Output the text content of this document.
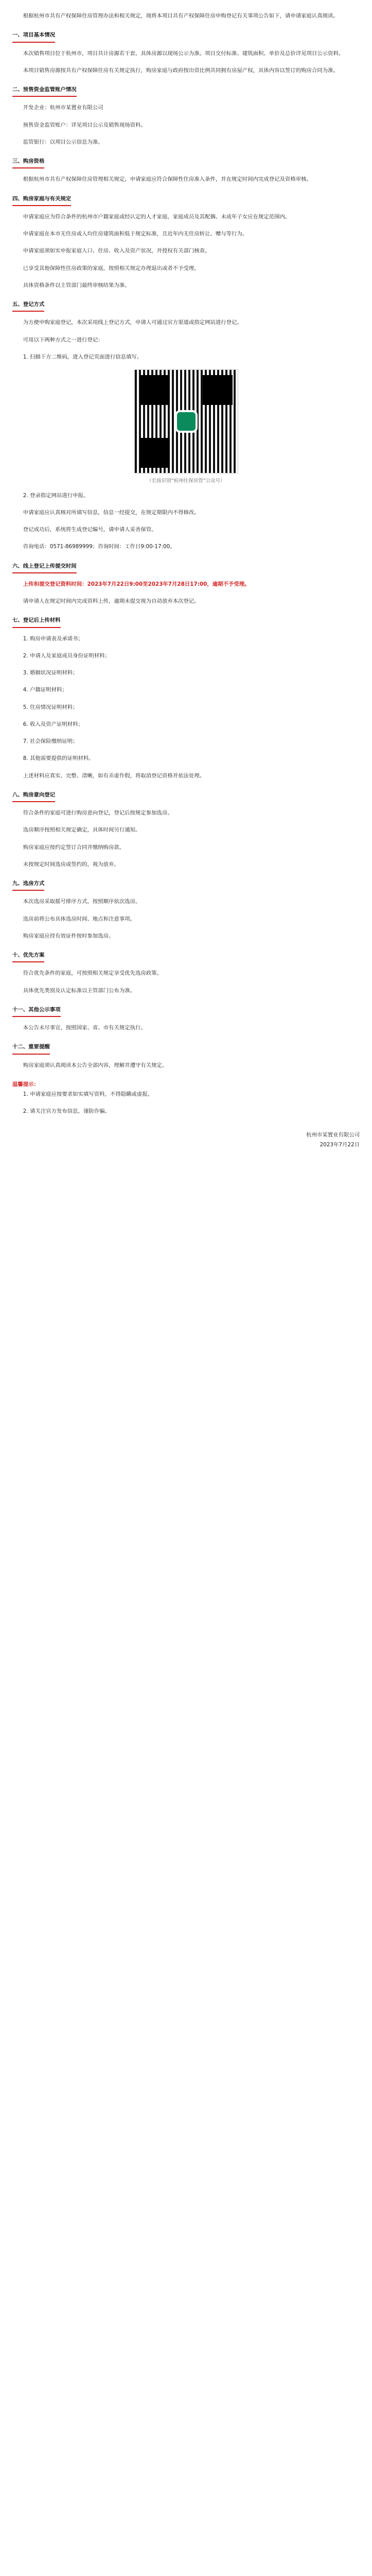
根据杭州市共有产权保障住房管理办法和相关规定，现将本项目共有产权保障住房申购登记有关事项公告如下，请申请家庭认真阅读。

一、项目基本情况

本次销售项目位于杭州市，项目共计房源若干套，具体房源以现场公示为准。项目交付标准、建筑面积、单价及总价详见项目公示资料。

本项目销售房源按共有产权保障住房有关规定执行，购房家庭与政府按出资比例共同拥有房屋产权，具体内容以签订的购房合同为准。

二、预售资金监管账户情况

开发企业：杭州市某置业有限公司

预售资金监管账户：详见项目公示及销售现场资料。

监管银行：以项目公示信息为准。

三、购房资格

根据杭州市共有产权保障住房管理相关规定，申请家庭应符合保障性住房准入条件，并在规定时间内完成登记及资格审核。

四、购房家庭与有关规定

申请家庭应为符合条件的杭州市户籍家庭或经认定的人才家庭，家庭成员及其配偶、未成年子女应在规定范围内。

申请家庭在本市无住房或人均住房建筑面积低于规定标准，且近年内无住房转让、赠与等行为。

申请家庭须如实申报家庭人口、住房、收入及资产状况，并授权有关部门核查。

已享受其他保障性住房政策的家庭，按照相关规定办理退出或者不予受理。

具体资格条件以主管部门最终审核结果为准。

五、登记方式

为方便申购家庭登记，本次采用线上登记方式，申请人可通过官方渠道或指定网站进行登记。

可用以下两种方式之一进行登记：

1. 扫描下方二维码，进入登记页面进行信息填写。

（长按识别“杭州住保房管”公众号）

2. 登录指定网站进行申报。

申请家庭应认真核对所填写信息，信息一经提交，在规定期限内不得修改。

登记成功后，系统将生成登记编号，请申请人妥善保管。

咨询电话：0571-86989999；咨询时间：工作日9:00-17:00。

六、线上登记上传提交时间

上传和提交登记资料时间：2023年7月22日9:00至2023年7月28日17:00，逾期不予受理。

请申请人在规定时间内完成资料上传，逾期未提交视为自动放弃本次登记。

七、登记后上传材料

1. 购房申请表及承诺书；

2. 申请人及家庭成员身份证明材料；

3. 婚姻状况证明材料；

4. 户籍证明材料；

5. 住房情况证明材料；

6. 收入及资产证明材料；

7. 社会保险缴纳证明；

8. 其他需要提供的证明材料。

上述材料应真实、完整、清晰，如有弄虚作假，将取消登记资格并依法处理。

八、购房意向登记

符合条件的家庭可进行购房意向登记，登记后按规定参加选房。

选房顺序按照相关规定确定，具体时间另行通知。

购房家庭应按约定签订合同并缴纳购房款。

未按规定时间选房或签约的，视为放弃。

九、选房方式

本次选房采取摇号排序方式，按照顺序依次选房。

选房前将公布具体选房时间、地点和注意事项。

购房家庭应持有效证件按时参加选房。

十、优先方案

符合优先条件的家庭，可按照相关规定享受优先选房政策。

具体优先类别及认定标准以主管部门公布为准。

十一、其他公示事项

本公告未尽事宜，按照国家、省、市有关规定执行。

十二、重要提醒

购房家庭须认真阅读本公告全部内容，理解并遵守有关规定。

温馨提示：

1. 申请家庭应按要求如实填写资料，不得隐瞒或虚报。

2. 请关注官方发布信息，谨防诈骗。

杭州市某置业有限公司

2023年7月22日
